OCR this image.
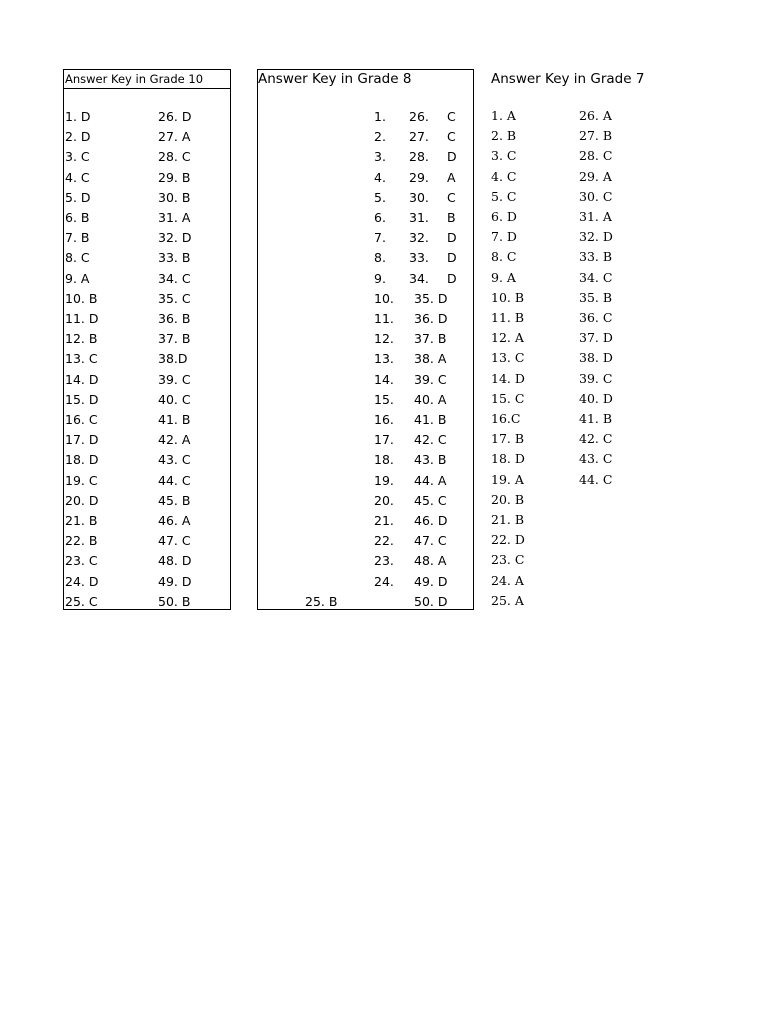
Answer Key in Grade 10
1. D
2. D
3. C
4. C
5. D
6. B
7. B
8. C
9. A
10. B
11. D
12. B
13. C
14. D
15. D
16. C
17. D
18. D
19. C
20. D
21. B
22. B
23. C
24. D
25. C
26. D
27. A
28. C
29. B
30. B
31. A
32. D
33. B
34. C
35. C
36. B
37. B
38.D
39. C
40. C
41. B
42. A
43. C
44. C
45. B
46. A
47. C
48. D
49. D
50. B
Answer Key in Grade 8
1.
2.
3.
4.
5.
6.
7.
8.
9.
10.
11.
12.
13.
14.
15.
16.
17.
18.
19.
20.
21.
22.
23.
24.
25. B
26.
27.
28.
29.
30.
31.
32.
33.
34.
C
C
D
A
C
B
D
D
D
35. D
36. D
37. B
38. A
39. C
40. A
41. B
42. C
43. B
44. A
45. C
46. D
47. C
48. A
49. D
50. D
Answer Key in Grade 7
1. A
2. B
3. C
4. C
5. C
6. D
7. D
8. C
9. A
10. B
11. B
12. A
13. C
14. D
15. C
16.C
17. B
18. D
19. A
20. B
21. B
22. D
23. C
24. A
25. A
26. A
27. B
28. C
29. A
30. C
31. A
32. D
33. B
34. C
35. B
36. C
37. D
38. D
39. C
40. D
41. B
42. C
43. C
44. C
